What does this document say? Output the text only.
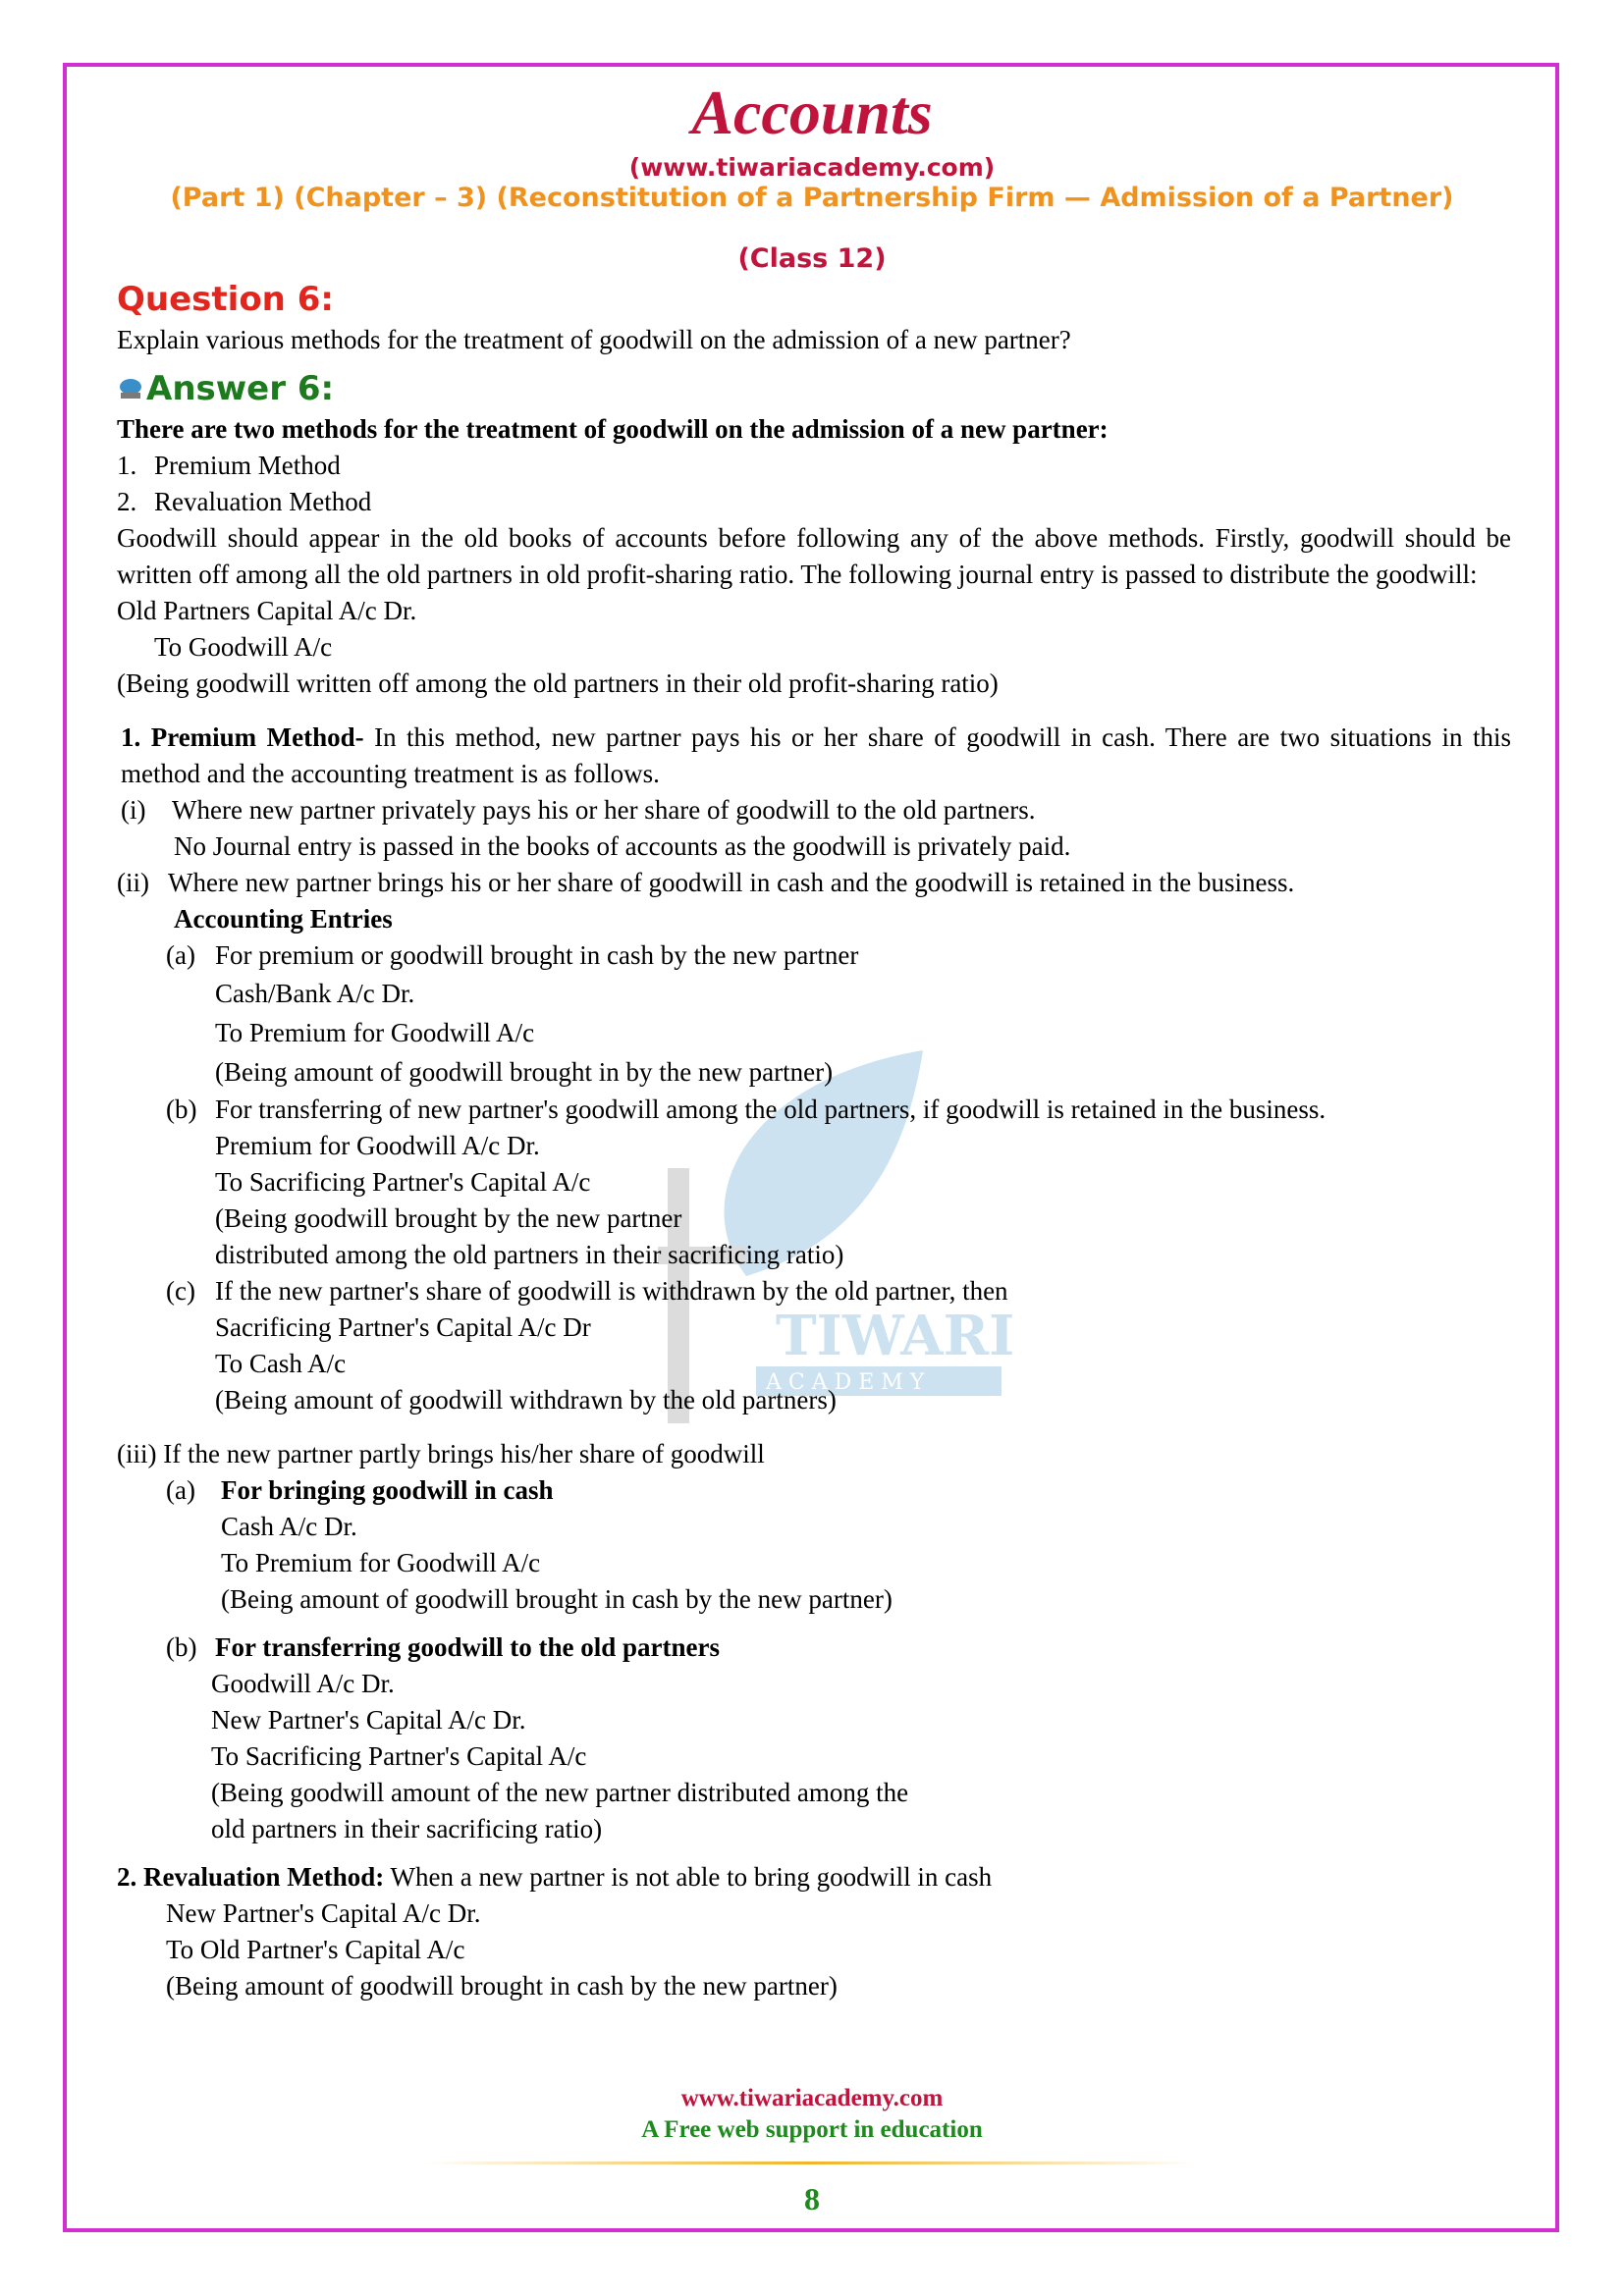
Accounts
(www.tiwariacademy.com)
(Part 1) (Chapter – 3) (Reconstitution of a Partnership Firm — Admission of a Partner)
(Class 12)
TIWARI
A C A D E M Y
Question 6:
Explain various methods for the treatment of goodwill on the admission of a new partner?
Answer 6:
There are two methods for the treatment of goodwill on the admission of a new partner:
1. Premium Method
2. Revaluation Method
Goodwill should appear in the old books of accounts before following any of the above methods. Firstly, goodwill should be written off among all the old partners in old profit-sharing ratio. The following journal entry is passed to distribute the goodwill:
Old Partners Capital A/c Dr.
To Goodwill A/c
(Being goodwill written off among the old partners in their old profit-sharing ratio)
1. Premium Method- In this method, new partner pays his or her share of goodwill in cash. There are two situations in this method and the accounting treatment is as follows.
(i) Where new partner privately pays his or her share of goodwill to the old partners.
No Journal entry is passed in the books of accounts as the goodwill is privately paid.
(ii) Where new partner brings his or her share of goodwill in cash and the goodwill is retained in the business.
Accounting Entries
(a) For premium or goodwill brought in cash by the new partner
Cash/Bank A/c Dr.
To Premium for Goodwill A/c
(Being amount of goodwill brought in by the new partner)
(b) For transferring of new partner's goodwill among the old partners, if goodwill is retained in the business.
Premium for Goodwill A/c Dr.
To Sacrificing Partner's Capital A/c
(Being goodwill brought by the new partner
distributed among the old partners in their sacrificing ratio)
(c) If the new partner's share of goodwill is withdrawn by the old partner, then
Sacrificing Partner's Capital A/c Dr
To Cash A/c
(Being amount of goodwill withdrawn by the old partners)
(iii) If the new partner partly brings his/her share of goodwill
(a) For bringing goodwill in cash
Cash A/c Dr.
To Premium for Goodwill A/c
(Being amount of goodwill brought in cash by the new partner)
(b) For transferring goodwill to the old partners
Goodwill A/c Dr.
New Partner's Capital A/c Dr.
To Sacrificing Partner's Capital A/c
(Being goodwill amount of the new partner distributed among the
old partners in their sacrificing ratio)
2. Revaluation Method: When a new partner is not able to bring goodwill in cash
New Partner's Capital A/c Dr.
To Old Partner's Capital A/c
(Being amount of goodwill brought in cash by the new partner)
www.tiwariacademy.com
A Free web support in education
8
